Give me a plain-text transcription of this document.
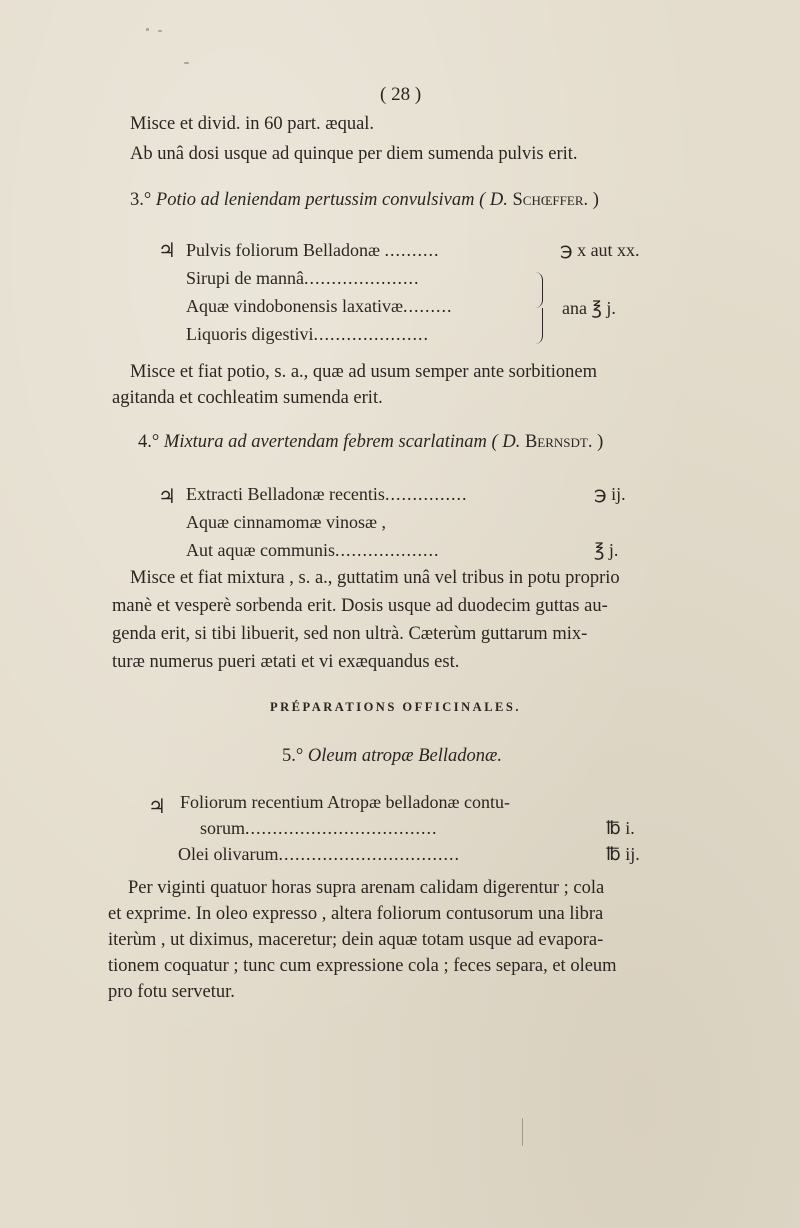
( 28 )
Misce et divid. in 60 part. æqual.
Ab unâ dosi usque ad quinque per diem sumenda pulvis erit.
3.° Potio ad leniendam pertussim convulsivam ( D. Schœffer. )
♃ Pulvis foliorum Belladonæ ..........	℈ x aut xx.
Sirupi de mannâ.....................
Aquæ vindobonensis laxativæ.........
Liquoris digestivi.....................
ana ℥ j.
Misce et fiat potio, s. a., quæ ad usum semper ante sorbitionem
agitanda et cochleatim sumenda erit.
4.° Mixtura ad avertendam febrem scarlatinam ( D. Bernsdt. )
♃ Extracti Belladonæ recentis...............	℈ ij.
Aquæ cinnamomæ vinosæ ,
Aut aquæ communis...................	℥ j.
Misce et fiat mixtura , s. a., guttatim unâ vel tribus in potu proprio
manè et vesperè sorbenda erit. Dosis usque ad duodecim guttas au-
genda erit, si tibi libuerit, sed non ultrà. Cæterùm guttarum mix-
turæ numerus pueri ætati et vi exæquandus est.
PRÉPARATIONS OFFICINALES.
5.° Oleum atropæ Belladonæ.
♃ Foliorum recentium Atropæ belladonæ contu-
sorum...................................	℔ i.
Olei olivarum.................................	℔ ij.
Per viginti quatuor horas supra arenam calidam digerentur ; cola
et exprime. In oleo expresso , altera foliorum contusorum una libra
iterùm , ut diximus, maceretur; dein aquæ totam usque ad evapora-
tionem coquatur ; tunc cum expressione cola ; feces separa, et oleum
pro fotu servetur.
